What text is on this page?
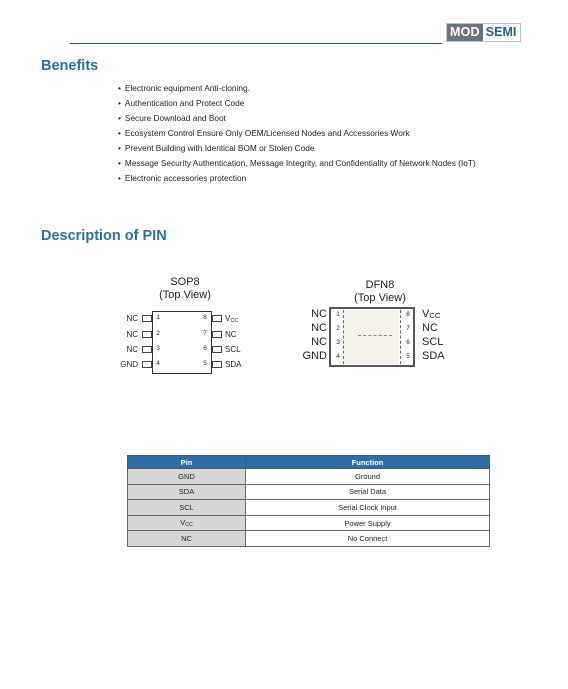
MOD SEMI
Benefits
• Electronic equipment Anti-cloning.
• Authentication and Protect Code
• Secure Download and Boot
• Ecosystem Control Ensure Only OEM/Licensed Nodes and Accessories Work
• Prevent Building with Identical BOM or Stolen Code
• Message Security Authentication, Message Integrity, and Confidentiality of Network Nodes (IoT)
• Electronic accessories protection
Description of PIN
SOP8
(Top View)
1
2
3
4
8
7
6
5
NC
NC
NC
GND
$V_{CC}$
NC
SCL
SDA
DFN8
(Top View)
1
2
3
4
8
7
6
5
NC
NC
NC
GND
$V_{CC}$
NC
SCL
SDA
Pin	Function
GND	Ground
SDA	Serial Data
SCL	Serial Clock Input
$V_{CC}$	Power Supply
NC	No Connect
